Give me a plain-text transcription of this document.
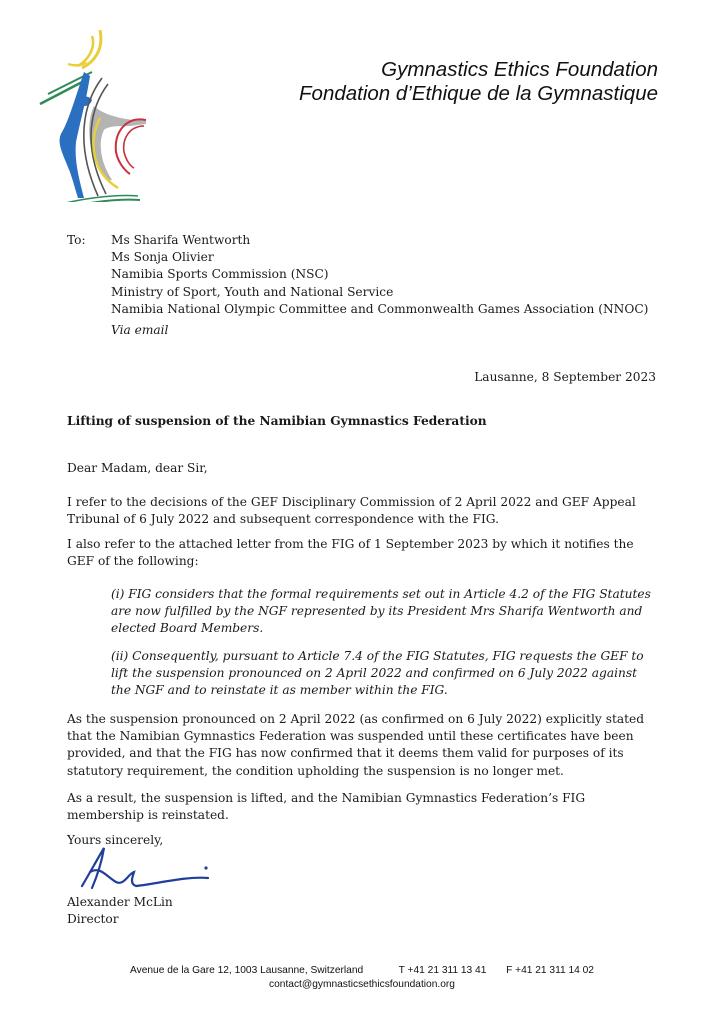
Gymnastics Ethics Foundation
Fondation d’Ethique de la Gymnastique
To:	Ms Sharifa Wentworth
Ms Sonja Olivier
Namibia Sports Commission (NSC)
Ministry of Sport, Youth and National Service
Namibia National Olympic Committee and Commonwealth Games Association (NNOC)
Via email
Lausanne, 8 September 2023
Lifting of suspension of the Namibian Gymnastics Federation
Dear Madam, dear Sir,
I refer to the decisions of the GEF Disciplinary Commission of 2 April 2022 and GEF Appeal Tribunal of 6 July 2022 and subsequent correspondence with the FIG.
I also refer to the attached letter from the FIG of 1 September 2023 by which it notifies the GEF of the following:
(i) FIG considers that the formal requirements set out in Article 4.2 of the FIG Statutes are now fulfilled by the NGF represented by its President Mrs Sharifa Wentworth and elected Board Members.
(ii) Consequently, pursuant to Article 7.4 of the FIG Statutes, FIG requests the GEF to lift the suspension pronounced on 2 April 2022 and confirmed on 6 July 2022 against the NGF and to reinstate it as member within the FIG.
As the suspension pronounced on 2 April 2022 (as confirmed on 6 July 2022) explicitly stated that the Namibian Gymnastics Federation was suspended until these certificates have been provided, and that the FIG has now confirmed that it deems them valid for purposes of its statutory requirement, the condition upholding the suspension is no longer met.
As a result, the suspension is lifted, and the Namibian Gymnastics Federation’s FIG membership is reinstated.
Yours sincerely,
Alexander McLin
Director
Avenue de la Gare 12, 1003 Lausanne, Switzerland	T +41 21 311 13 41 F +41 21 311 14 02
contact@gymnasticsethicsfoundation.org
